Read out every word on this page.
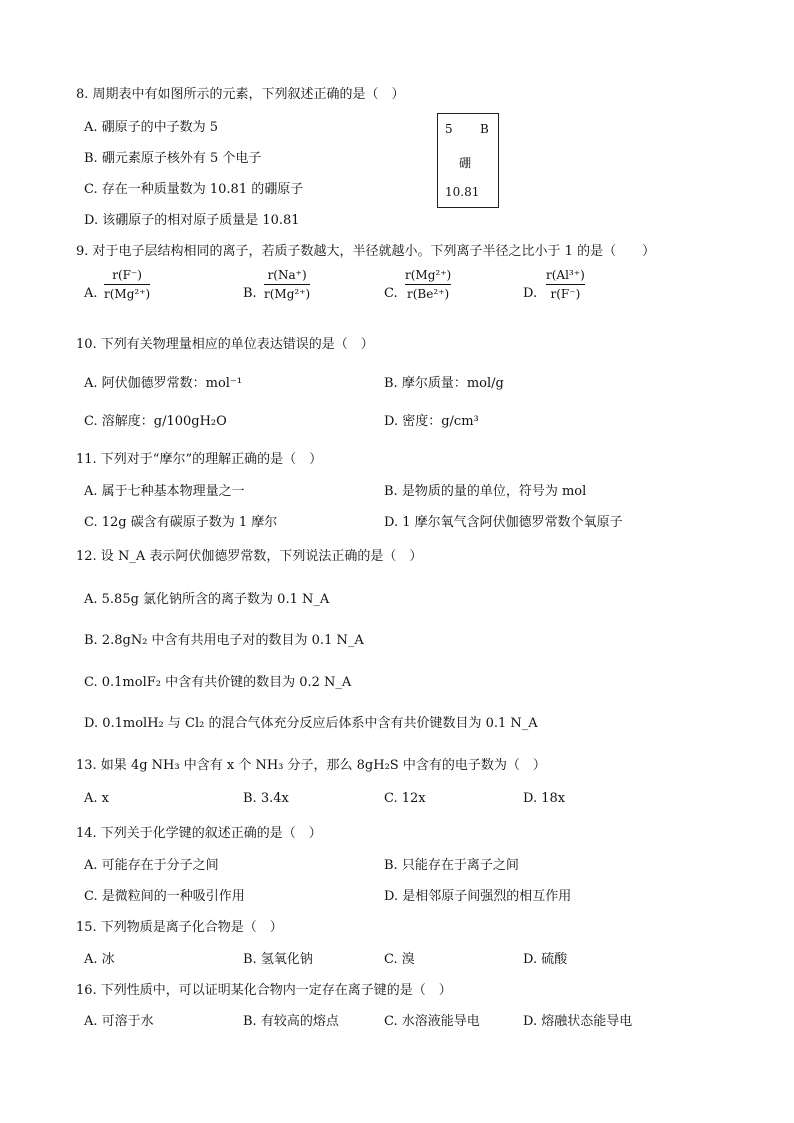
8. 周期表中有如图所示的元素，下列叙述正确的是（　）
A. 硼原子的中子数为 5
B. 硼元素原子核外有 5 个电子
C. 存在一种质量数为 10.81 的硼原子
D. 该硼原子的相对原子质量是 10.81
5 B
硼
10.81
9. 对于电子层结构相同的离子，若质子数越大，半径就越小。下列离子半径之比小于 1 的是（　　）
A.
r(F⁻)
r(Mg²⁺)	B.
r(Na⁺)
r(Mg²⁺)	C.
r(Mg²⁺)
r(Be²⁺)	D.
r(Al³⁺)
r(F⁻)
10. 下列有关物理量相应的单位表达错误的是（　）
A. 阿伏伽德罗常数：mol⁻¹	B. 摩尔质量：mol/g
C. 溶解度：g/100gH₂O	D. 密度：g/cm³
11. 下列对于“摩尔”的理解正确的是（　）
A. 属于七种基本物理量之一	B. 是物质的量的单位，符号为 mol
C. 12g 碳含有碳原子数为 1 摩尔	D. 1 摩尔氧气含阿伏伽德罗常数个氧原子
12. 设 N_A 表示阿伏伽德罗常数，下列说法正确的是（　）
A. 5.85g 氯化钠所含的离子数为 0.1 N_A
B. 2.8gN₂ 中含有共用电子对的数目为 0.1 N_A
C. 0.1molF₂ 中含有共价键的数目为 0.2 N_A
D. 0.1molH₂ 与 Cl₂ 的混合气体充分反应后体系中含有共价键数目为 0.1 N_A
13. 如果 4g NH₃ 中含有 x 个 NH₃ 分子，那么 8gH₂S 中含有的电子数为（　）
A. x	B. 3.4x	C. 12x	D. 18x
14. 下列关于化学键的叙述正确的是（　）
A. 可能存在于分子之间	B. 只能存在于离子之间
C. 是微粒间的一种吸引作用	D. 是相邻原子间强烈的相互作用
15. 下列物质是离子化合物是（　）
A. 冰	B. 氢氧化钠	C. 溴	D. 硫酸
16. 下列性质中，可以证明某化合物内一定存在离子键的是（　）
A. 可溶于水	B. 有较高的熔点	C. 水溶液能导电	D. 熔融状态能导电
